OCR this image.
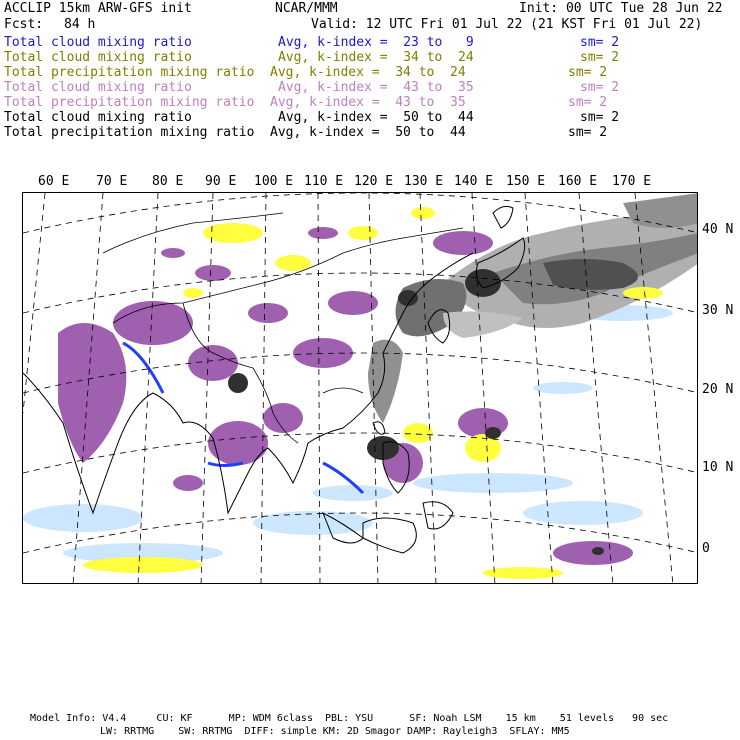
ACCLIP 15km ARW-GFS init	NCAR/MMM	Init: 00 UTC Tue 28 Jun 22
Fcst: 84 h	Valid: 12 UTC Fri 01 Jul 22 (21 KST Fri 01 Jul 22)
Total cloud mixing ratio	Avg, k-index =  23 to   9	sm= 2
Total cloud mixing ratio	Avg, k-index =  34 to  24	sm= 2
Total precipitation mixing ratio Avg, k-index =  34 to  24	sm= 2
Total cloud mixing ratio	Avg, k-index =  43 to  35	sm= 2
Total precipitation mixing ratio Avg, k-index =  43 to  35	sm= 2
Total cloud mixing ratio	Avg, k-index =  50 to  44	sm= 2
Total precipitation mixing ratio Avg, k-index =  50 to  44	sm= 2
60 E 70 E 80 E 90 E 100 E 110 E 120 E 130 E 140 E 150 E 160 E 170 E
40 N
30 N
20 N
10 N
0
Model Info: V4.4     CU: KF      MP: WDM 6class  PBL: YSU      SF: Noah LSM    15 km    51 levels   90 sec
LW: RRTMG    SW: RRTMG  DIFF: simple KM: 2D Smagor DAMP: Rayleigh3  SFLAY: MM5
